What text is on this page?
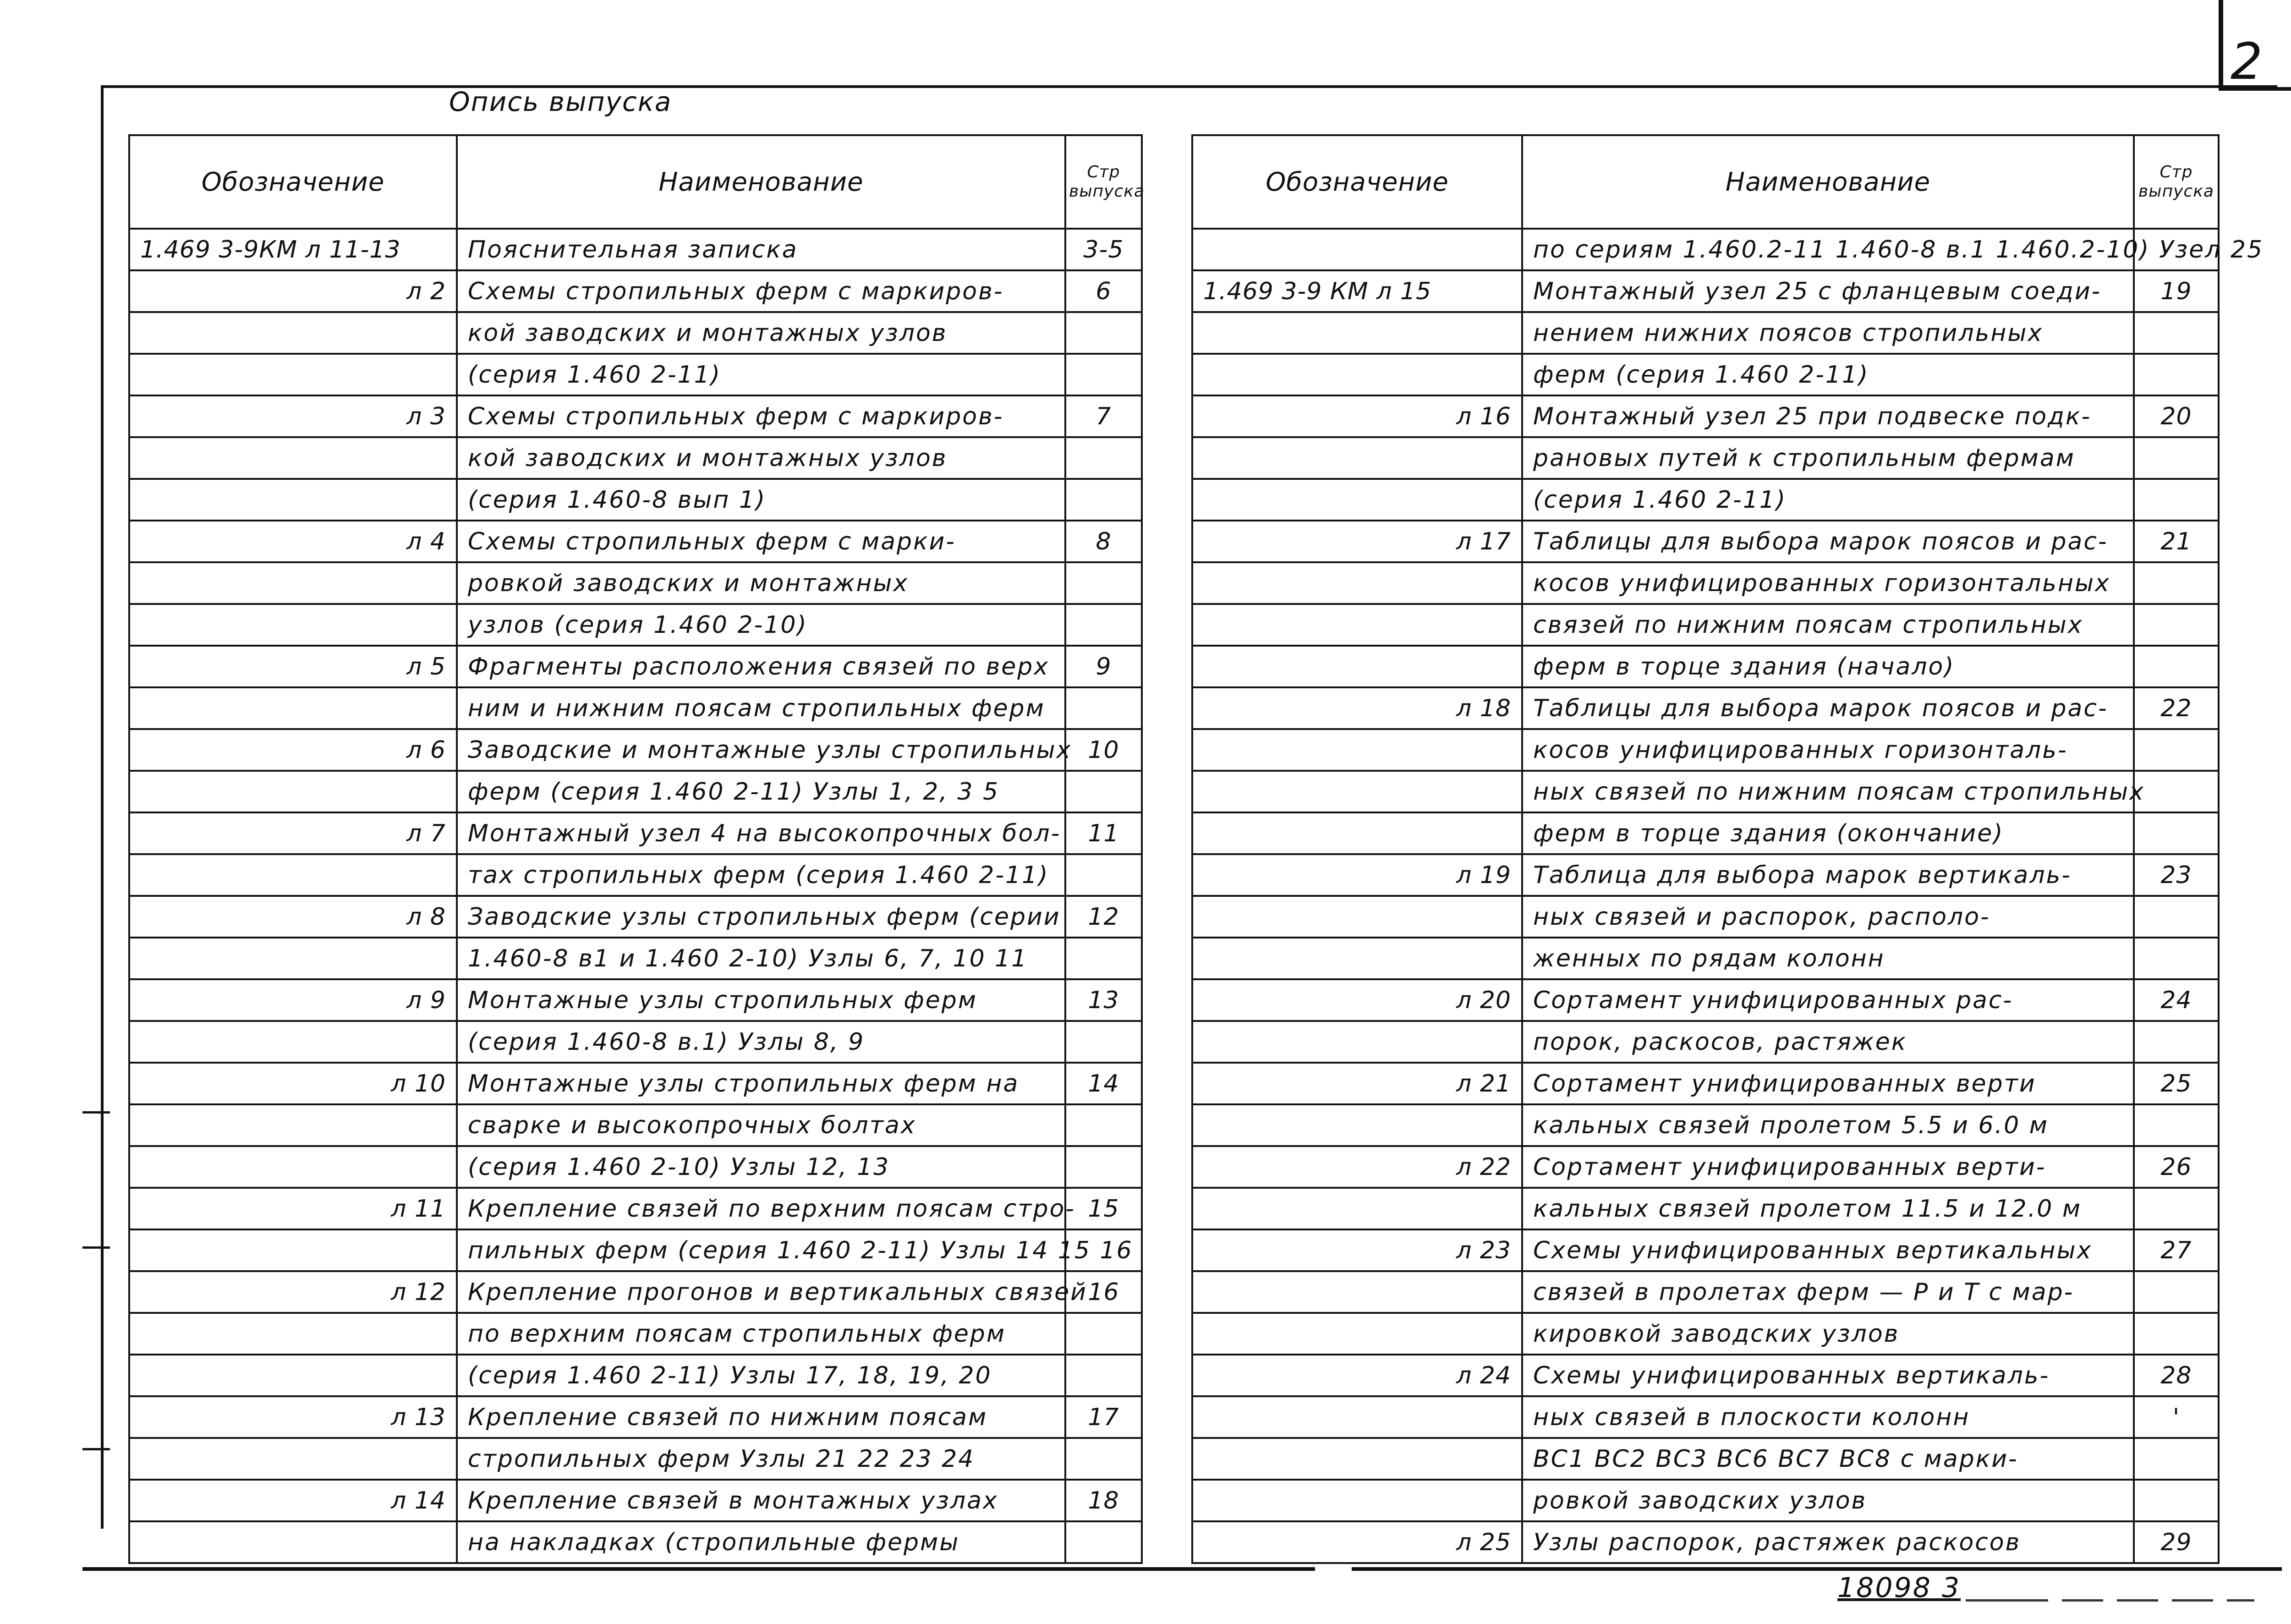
2
Опись выпуска
Обозначение	Наименование	Стр
выпуска
1.469 3-9КМ л 11-13	Пояснительная записка	3-5
л 2	Схемы стропильных ферм с маркиров-	6
	кой заводских и монтажных узлов	
	(серия 1.460 2-11)	
л 3	Схемы стропильных ферм с маркиров-	7
	кой заводских и монтажных узлов	
	(серия 1.460-8 вып 1)	
л 4	Схемы стропильных ферм с марки-	8
	ровкой заводских и монтажных	
	узлов (серия 1.460 2-10)	
л 5	Фрагменты расположения связей по верх	9
	ним и нижним поясам стропильных ферм	
л 6	Заводские и монтажные узлы стропильных	10
	ферм (серия 1.460 2-11) Узлы 1, 2, 3 5	
л 7	Монтажный узел 4 на высокопрочных бол-	11
	тах стропильных ферм (серия 1.460 2-11)	
л 8	Заводские узлы стропильных ферм (серии	12
	1.460-8 в1 и 1.460 2-10) Узлы 6, 7, 10 11	
л 9	Монтажные узлы стропильных ферм	13
	(серия 1.460-8 в.1) Узлы 8, 9	
л 10	Монтажные узлы стропильных ферм на	14
	сварке и высокопрочных болтах	
	(серия 1.460 2-10) Узлы 12, 13	
л 11	Крепление связей по верхним поясам стро-	15
	пильных ферм (серия 1.460 2-11) Узлы 14 15 16	
л 12	Крепление прогонов и вертикальных связей	16
	по верхним поясам стропильных ферм	
	(серия 1.460 2-11) Узлы 17, 18, 19, 20	
л 13	Крепление связей по нижним поясам	17
	стропильных ферм Узлы 21 22 23 24	
л 14	Крепление связей в монтажных узлах	18
	на накладках (стропильные фермы	
Обозначение	Наименование	Стр
выпуска
	по сериям 1.460.2-11 1.460-8 в.1 1.460.2-10) Узел 25	
1.469 3-9 КМ л 15	Монтажный узел 25 с фланцевым соеди-	19
	нением нижних поясов стропильных	
	ферм (серия 1.460 2-11)	
л 16	Монтажный узел 25 при подвеске подк-	20
	рановых путей к стропильным фермам	
	(серия 1.460 2-11)	
л 17	Таблицы для выбора марок поясов и рас-	21
	косов унифицированных горизонтальных	
	связей по нижним поясам стропильных	
	ферм в торце здания (начало)	
л 18	Таблицы для выбора марок поясов и рас-	22
	косов унифицированных горизонталь-	
	ных связей по нижним поясам стропильных	
	ферм в торце здания (окончание)	
л 19	Таблица для выбора марок вертикаль-	23
	ных связей и распорок, располо-	
	женных по рядам колонн	
л 20	Сортамент унифицированных рас-	24
	порок, раскосов, растяжек	
л 21	Сортамент унифицированных верти	25
	кальных связей пролетом 5.5 и 6.0 м	
л 22	Сортамент унифицированных верти-	26
	кальных связей пролетом 11.5 и 12.0 м	
л 23	Схемы унифицированных вертикальных	27
	связей в пролетах ферм — Р и Т с мар-	
	кировкой заводских узлов	
л 24	Схемы унифицированных вертикаль-	28
	ных связей в плоскости колонн	'
	ВС1 ВС2 ВС3 ВС6 ВС7 ВС8 с марки-	
	ровкой заводских узлов	
л 25	Узлы распорок, растяжек раскосов	29
18098 3
